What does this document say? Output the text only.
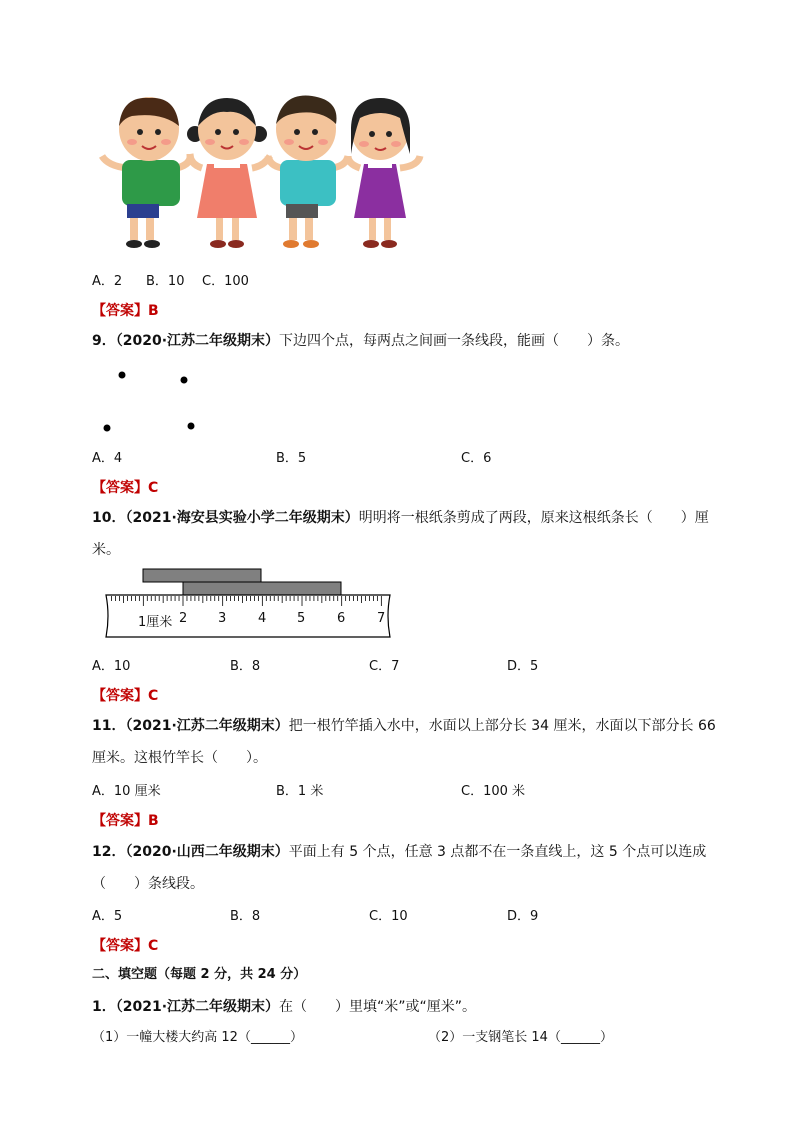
A．2 B．10 C．100
【答案】B
9．（2020·江苏二年级期末）下边四个点，每两点之间画一条线段，能画（　　）条。
A．4	B．5	C．6
【答案】C
10．（2021·海安县实验小学二年级期末）明明将一根纸条剪成了两段，原来这根纸条长（　　）厘
米。
1厘米 2 3 4 5 6 7
A．10	B．8	C．7	D．5
【答案】C
11．（2021·江苏二年级期末）把一根竹竿插入水中，水面以上部分长 34 厘米，水面以下部分长 66
厘米。这根竹竿长（　　）。
A．10 厘米	B．1 米	C．100 米
【答案】B
12．（2020·山西二年级期末）平面上有 5 个点，任意 3 点都不在一条直线上，这 5 个点可以连成
（　　）条线段。
A．5	B．8	C．10	D．9
【答案】C
二、填空题（每题 2 分，共 24 分）
1．（2021·江苏二年级期末）在（　　）里填“米”或“厘米”。
（1）一幢大楼大约高 12（______）	（2）一支钢笔长 14（______）
